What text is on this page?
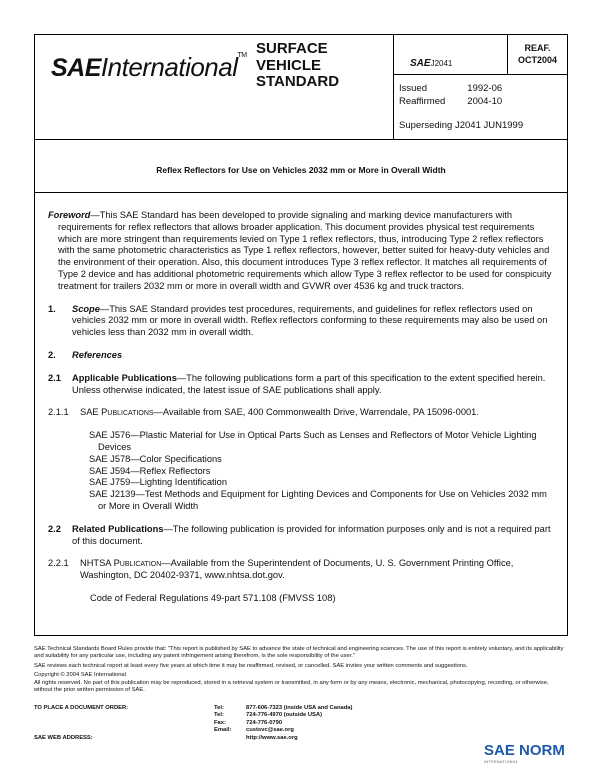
SAEInternational™ SURFACE
VEHICLE
STANDARD
SAEJ2041
REAF.
OCT2004
Issued	1992-06
Reaffirmed	2004-10
Superseding J2041 JUN1999
Reflex Reflectors for Use on Vehicles 2032 mm or More in Overall Width

Foreword—This SAE Standard has been developed to provide signaling and marking device manufacturers with requirements for reflex reflectors that allows broader application. This document provides physical test requirements which are more stringent than requirements levied on Type 1 reflex reflectors, thus, introducing Type 2 reflex reflectors with the same photometric characteristics as Type 1 reflex reflectors, however, better suited for heavy-duty vehicles and the environment of their operation. Also, this document introduces Type 3 reflex reflector. It matches all requirements of Type 2 device and has additional photometric requirements which allow Type 3 reflex reflector to be used for conspicuity treatment for trailers 2032 mm or more in overall width and GVWR over 4536 kg and truck tractors.

1. Scope—This SAE Standard provides test procedures, requirements, and guidelines for reflex reflectors used on vehicles 2032 mm or more in overall width. Reflex reflectors conforming to these requirements may also be used on vehicles less than 2032 mm in overall width.

2. References

2.1 Applicable Publications—The following publications form a part of this specification to the extent specified herein. Unless otherwise indicated, the latest issue of SAE publications shall apply.

2.1.1 SAE Publications—Available from SAE, 400 Commonwealth Drive, Warrendale, PA 15096-0001.

SAE J576—Plastic Material for Use in Optical Parts Such as Lenses and Reflectors of Motor Vehicle Lighting Devices

SAE J578—Color Specifications

SAE J594—Reflex Reflectors

SAE J759—Lighting Identification

SAE J2139—Test Methods and Equipment for Lighting Devices and Components for Use on Vehicles 2032 mm or More in Overall Width

2.2 Related Publications—The following publication is provided for information purposes only and is not a required part of this document.

2.2.1 NHTSA Publication—Available from the Superintendent of Documents, U. S. Government Printing Office, Washington, DC 20402-9371, www.nhtsa.dot.gov.

Code of Federal Regulations 49-part 571.108 (FMVSS 108)

SAE Technical Standards Board Rules provide that: "This report is published by SAE to advance the state of technical and engineering sciences. The use of this report is entirely voluntary, and its applicability and suitability for any particular use, including any patent infringement arising therefrom, is the sole responsibility of the user."

SAE reviews each technical report at least every five years at which time it may be reaffirmed, revised, or cancelled. SAE invites your written comments and suggestions.

Copyright © 2004 SAE International

All rights reserved. No part of this publication may be reproduced, stored in a retrieval system or transmitted, in any form or by any means, electronic, mechanical, photocopying, recording, or otherwise, without the prior written permission of SAE.

TO PLACE A DOCUMENT ORDER:	Tel:	877-606-7323 (inside USA and Canada)
Tel:	724-776-4970 (outside USA)
Fax:	724-776-0790
Email:	custsvc@sae.org
SAE WEB ADDRESS:	http://www.sae.org
SAE NORM
INTERNATIONAL
